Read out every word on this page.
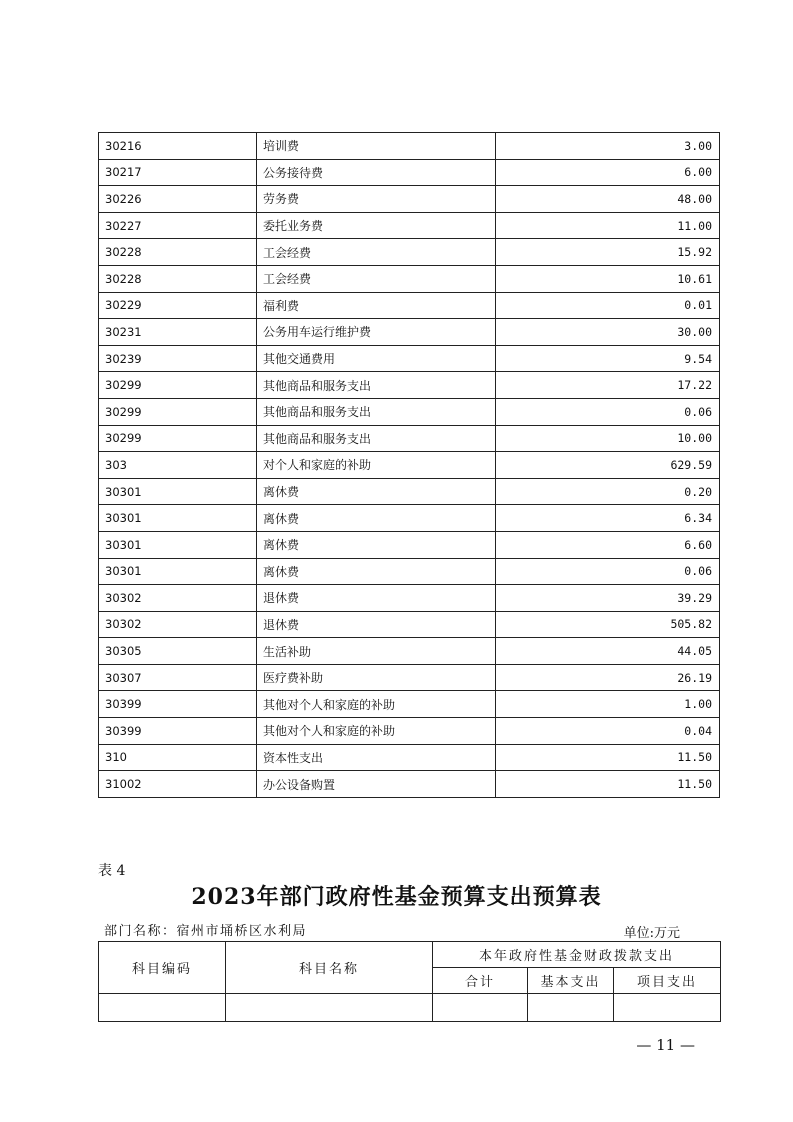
30216	培训费	3.00
30217	公务接待费	6.00
30226	劳务费	48.00
30227	委托业务费	11.00
30228	工会经费	15.92
30228	工会经费	10.61
30229	福利费	0.01
30231	公务用车运行维护费	30.00
30239	其他交通费用	9.54
30299	其他商品和服务支出	17.22
30299	其他商品和服务支出	0.06
30299	其他商品和服务支出	10.00
303	对个人和家庭的补助	629.59
30301	离休费	0.20
30301	离休费	6.34
30301	离休费	6.60
30301	离休费	0.06
30302	退休费	39.29
30302	退休费	505.82
30305	生活补助	44.05
30307	医疗费补助	26.19
30399	其他对个人和家庭的补助	1.00
30399	其他对个人和家庭的补助	0.04
310	资本性支出	11.50
31002	办公设备购置	11.50
表 4
2023年部门政府性基金预算支出预算表
部门名称：宿州市埇桥区水利局	单位:万元
科目编码	科目名称	本年政府性基金财政拨款支出		
		合计	基本支出	项目支出

— 11 —
